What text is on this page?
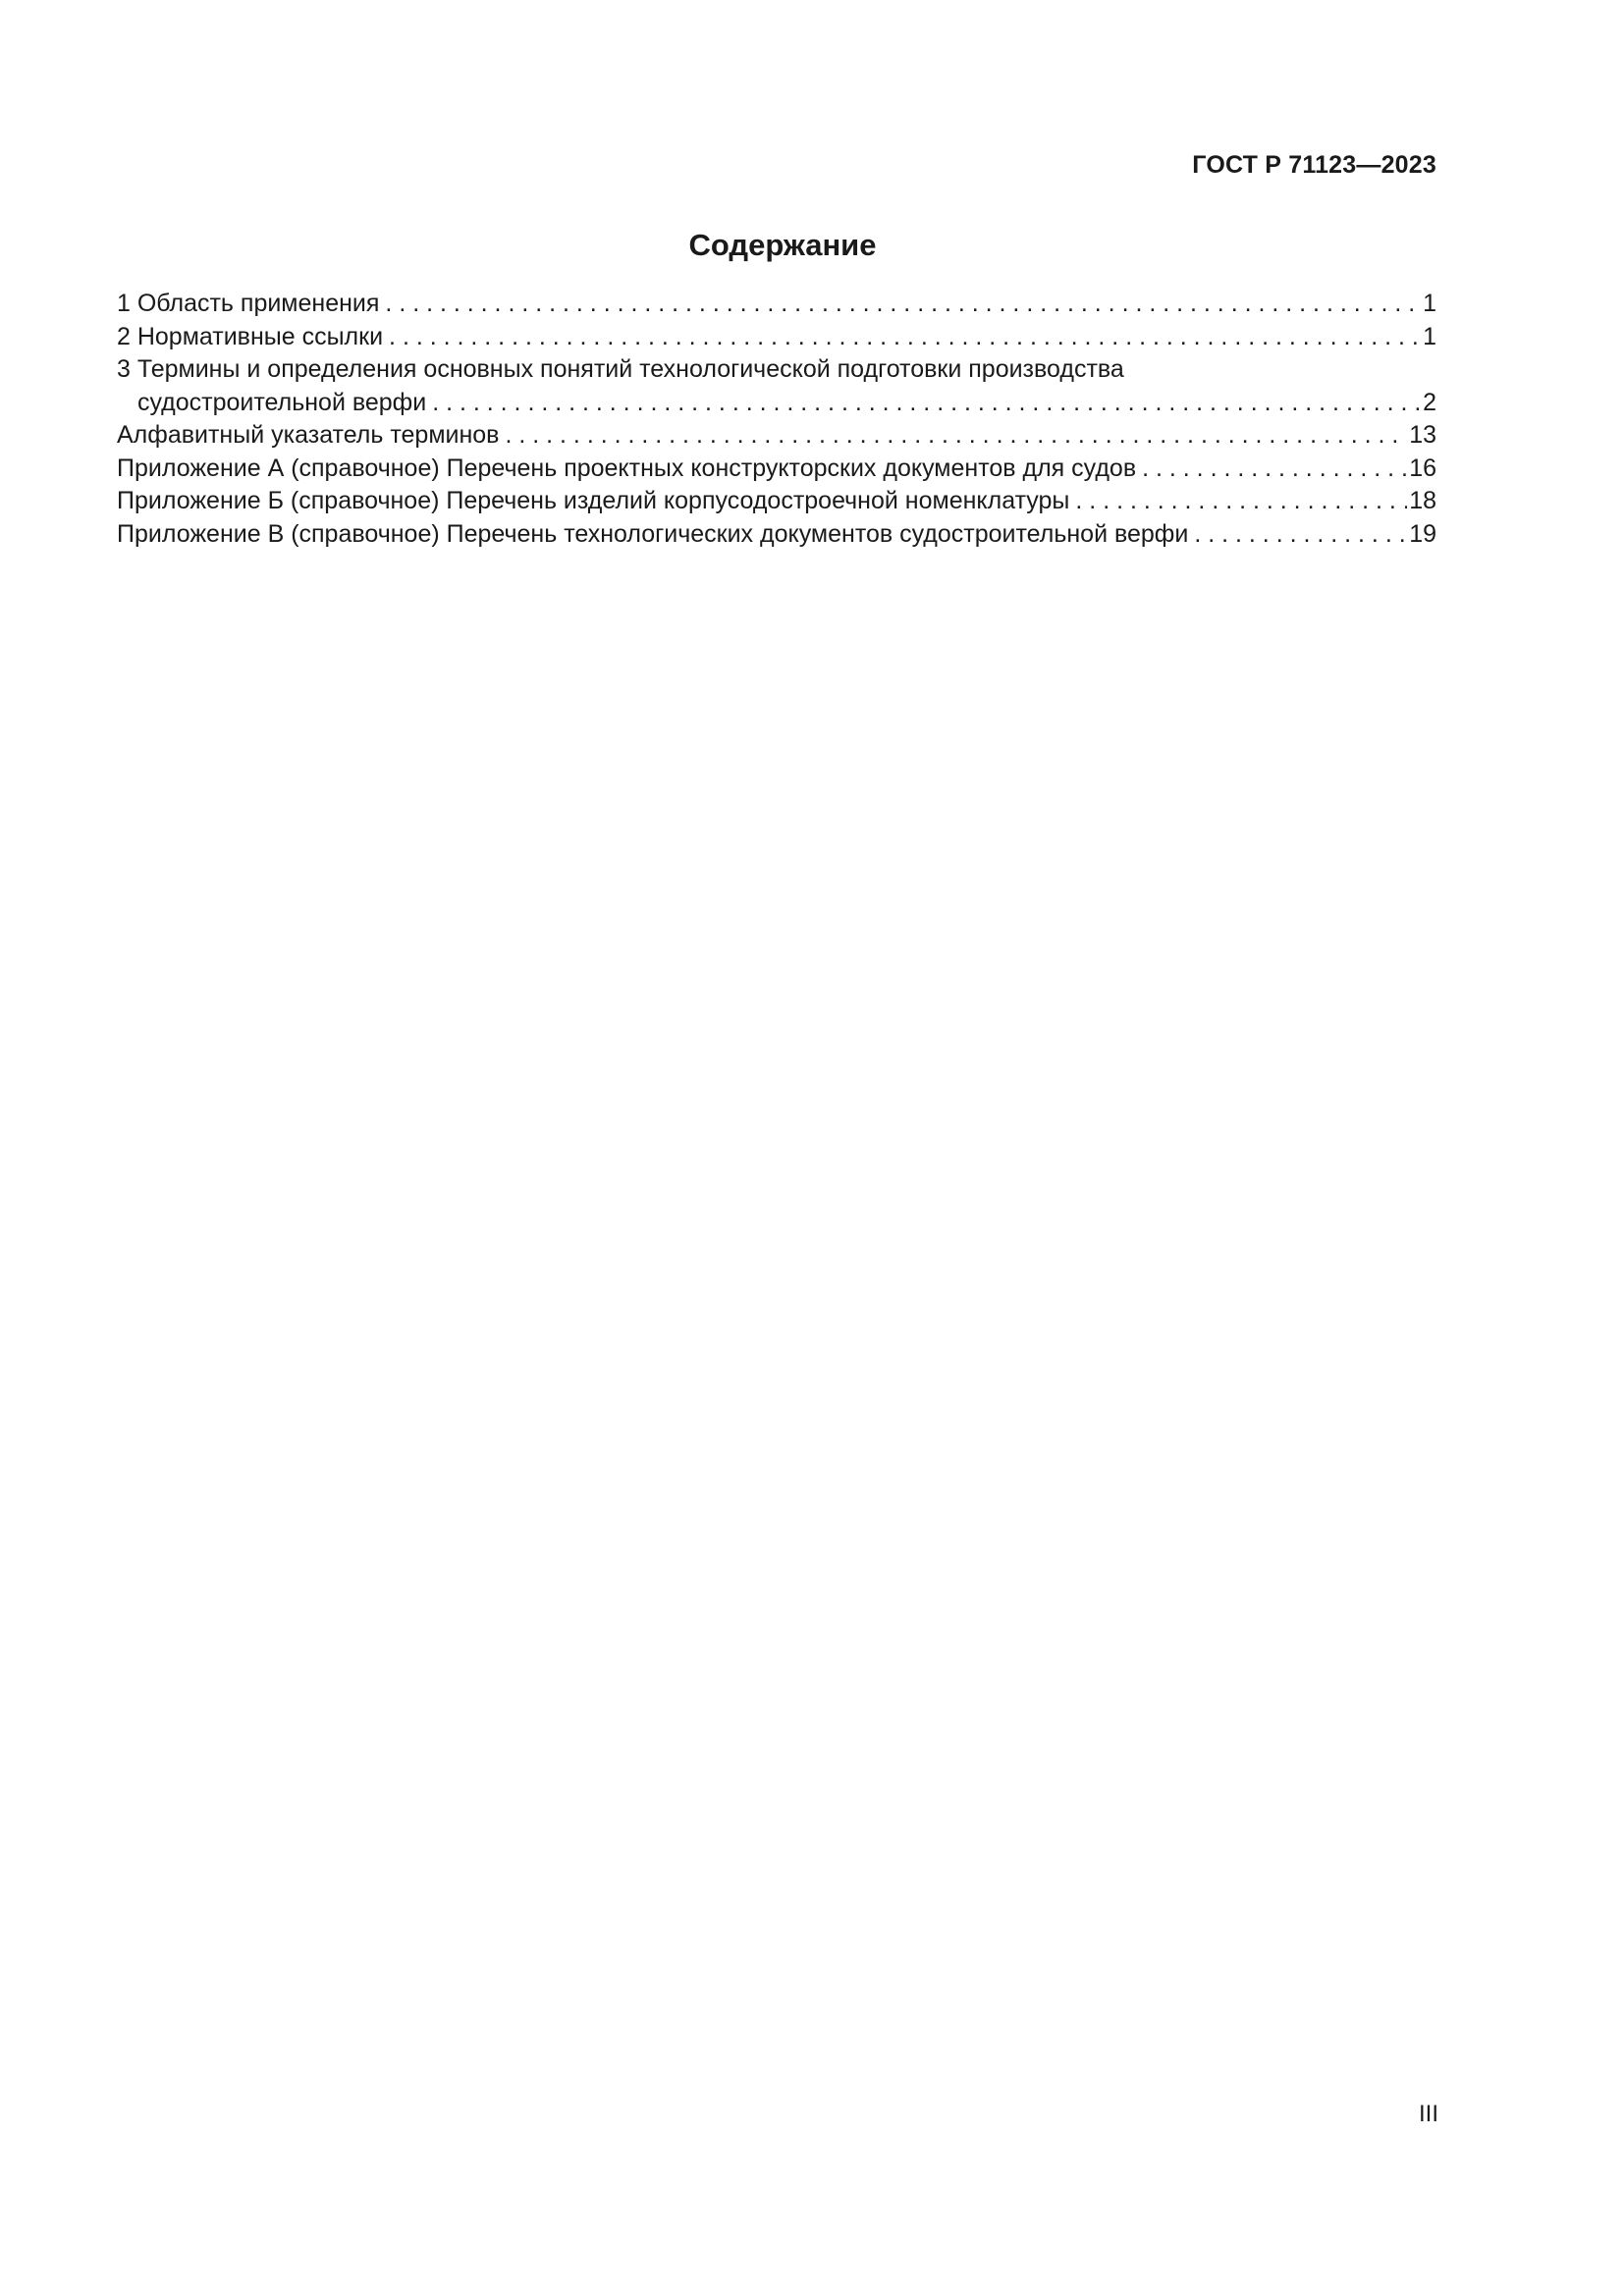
ГОСТ Р 71123—2023
Содержание
1 Область применения . . .	1
2 Нормативные ссылки . . .	1
3 Термины и определения основных понятий технологической подготовки производства
судостроительной верфи . . .	2
Алфавитный указатель терминов . . .	13
Приложение А (справочное) Перечень проектных конструкторских документов для судов . . .	16
Приложение Б (справочное) Перечень изделий корпусодостроечной номенклатуры . . .	18
Приложение В (справочное) Перечень технологических документов судостроительной верфи . . .	19
III
